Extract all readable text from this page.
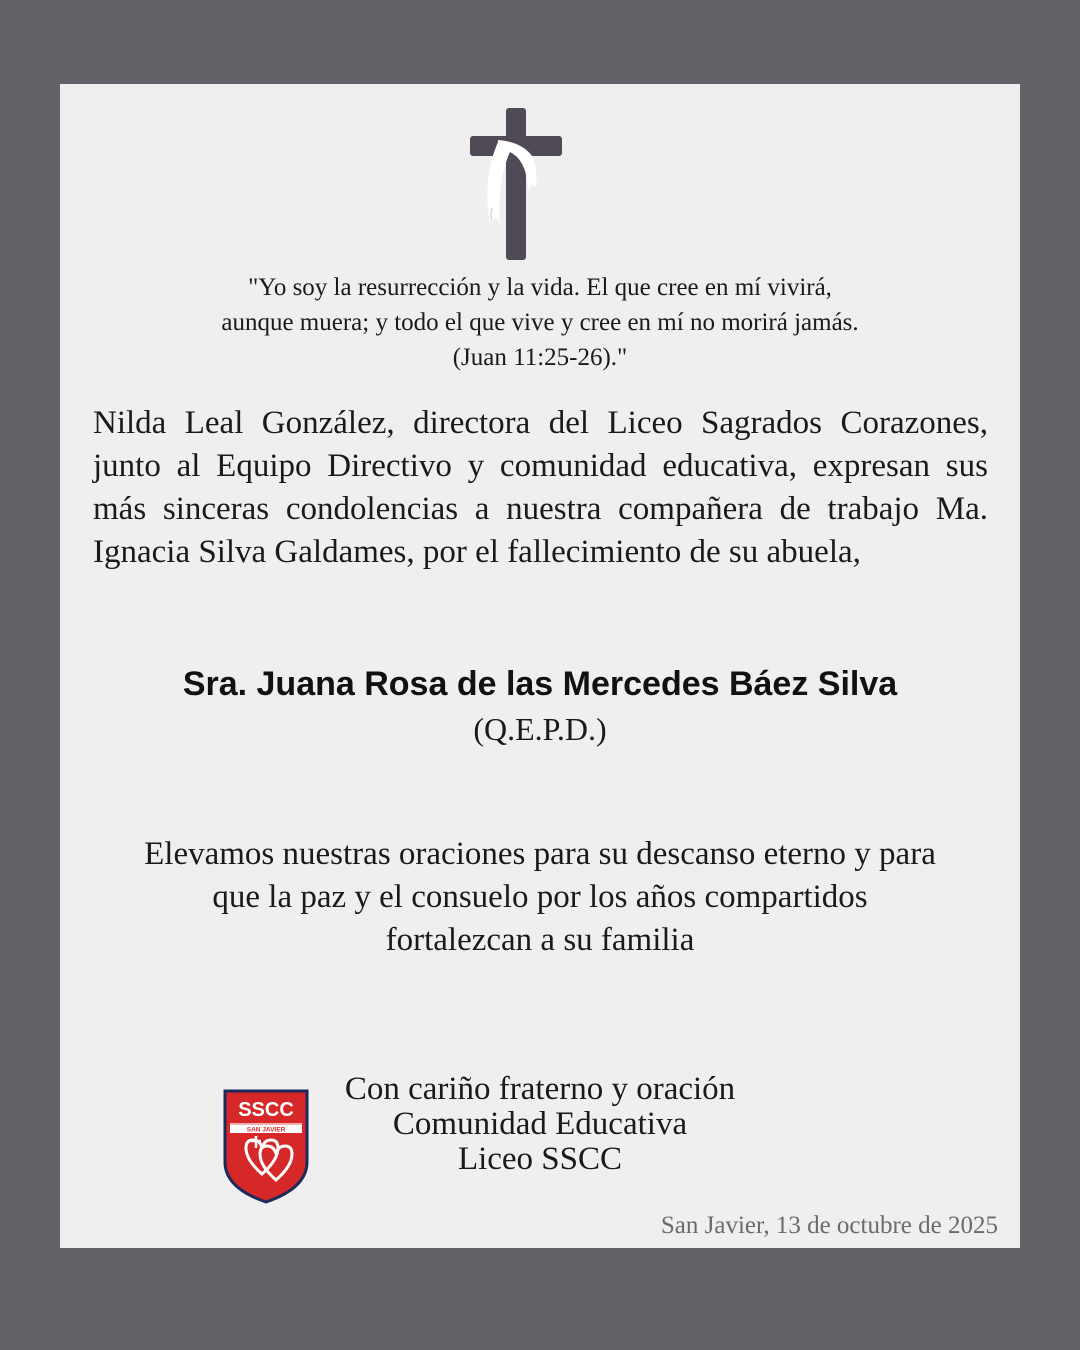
"Yo soy la resurrección y la vida. El que cree en mí vivirá,
aunque muera; y todo el que vive y cree en mí no morirá jamás.
(Juan 11:25-26)."
Nilda Leal González, directora del Liceo Sagrados Corazones, junto al Equipo Directivo y comunidad educativa, expresan sus más sinceras condolencias a nuestra compañera de trabajo Ma. Ignacia Silva Galdames, por el fallecimiento de su abuela,
Sra. Juana Rosa de las Mercedes Báez Silva
(Q.E.P.D.)
Elevamos nuestras oraciones para su descanso eterno y para
que la paz y el consuelo por los años compartidos
fortalezcan a su familia
SSCC
SAN JAVIER
Con cariño fraterno y oración
Comunidad Educativa
Liceo SSCC
San Javier, 13 de octubre de 2025
